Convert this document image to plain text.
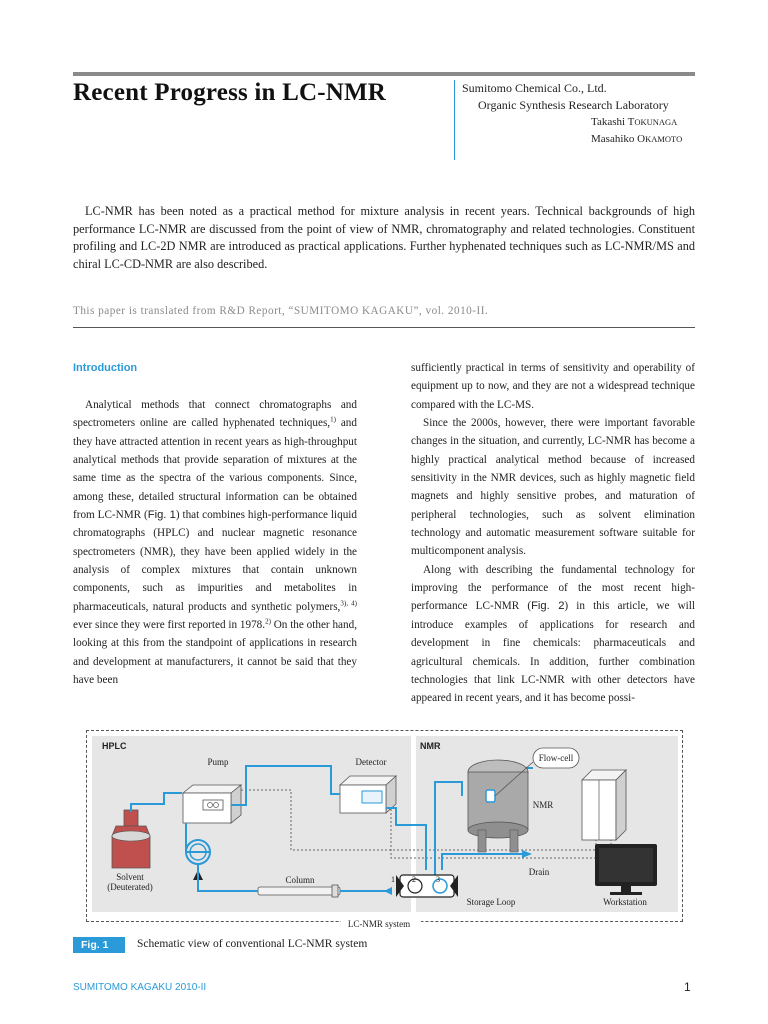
Recent Progress in LC-NMR	Sumitomo Chemical Co., Ltd.
Organic Synthesis Research Laboratory
Takashi TOKUNAGA
Masahiko OKAMOTO
LC-NMR has been noted as a practical method for mixture analysis in recent years. Technical backgrounds of high performance LC-NMR are discussed from the point of view of NMR, chromatography and related technologies. Constituent profiling and LC-2D NMR are introduced as practical applications. Further hyphenated techniques such as LC-NMR/MS and chiral LC-CD-NMR are also described.
This paper is translated from R&D Report, “SUMITOMO KAGAKU”, vol. 2010-II.
Introduction

Analytical methods that connect chromatographs and spectrometers online are called hyphenated techniques,$^{1)}$ and they have attracted attention in recent years as high-throughput analytical methods that provide separation of mixtures at the same time as the spectra of the various components. Since, among these, detailed structural information can be obtained from LC-NMR (Fig. 1) that combines high-performance liquid chromatographs (HPLC) and nuclear magnetic resonance spectrometers (NMR), they have been applied widely in the analysis of complex mixtures that contain unknown components, such as impurities and metabolites in pharmaceuticals, natural products and synthetic polymers,$^{3), 4)}$ ever since they were first reported in 1978.$^{2)}$ On the other hand, looking at this from the standpoint of applications in research and development at manufacturers, it cannot be said that they have been

sufficiently practical in terms of sensitivity and operability of equipment up to now, and they are not a widespread technique compared with the LC-MS.

Since the 2000s, however, there were important favorable changes in the situation, and currently, LC-NMR has become a highly practical analytical method because of increased sensitivity in the NMR devices, such as highly magnetic field magnets and highly sensitive probes, and maturation of peripheral technologies, such as solvent elimination technology and automatic measurement software suitable for multicomponent analysis.

Along with describing the fundamental technology for improving the performance of the most recent high-performance LC-NMR (Fig. 2) in this article, we will introduce examples of applications for research and development in fine chemicals: pharmaceuticals and agricultural chemicals. In addition, further combination technologies that link LC-NMR with other detectors have appeared in recent years, and it has become possi-

HPLC	NMR
Solvent
(Deuterated)
Pump	Detector
Column	1 2	3
Storage Loop
Drain
Flow-cell
NMR
Workstation
LC-NMR system
Fig. 1	Schematic view of conventional LC-NMR system
SUMITOMO KAGAKU 2010-II	1
